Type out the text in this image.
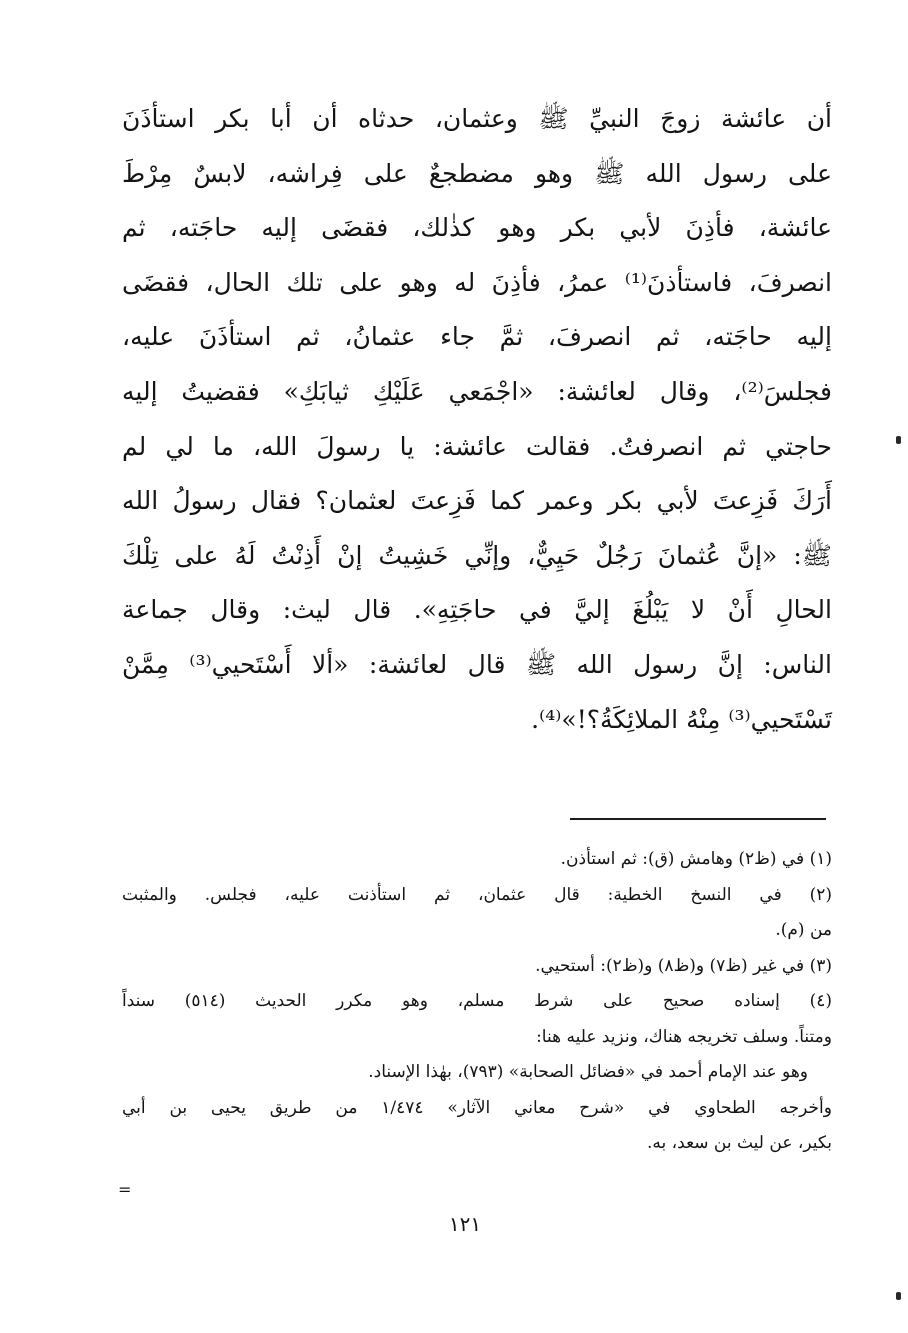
أن عائشة زوجَ النبيِّ ﷺ وعثمان، حدثاه أن أبا بكر استأذَنَ
على رسول الله ﷺ وهو مضطجعٌ على فِراشه، لابسٌ مِرْطَ
عائشة، فأذِنَ لأبي بكر وهو كذٰلك، فقضَى إليه حاجَته، ثم
انصرفَ، فاستأذنَ⁽¹⁾ عمرُ، فأذِنَ له وهو على تلك الحال، فقضَى
إليه حاجَته، ثم انصرفَ، ثمَّ جاء عثمانُ، ثم استأذَنَ عليه،
فجلسَ⁽²⁾، وقال لعائشة: «اجْمَعي عَلَيْكِ ثيابَكِ» فقضيتُ إليه
حاجتي ثم انصرفتُ. فقالت عائشة: يا رسولَ الله، ما لي لم
أَرَكَ فَزِعتَ لأبي بكر وعمر كما فَزِعتَ لعثمان؟ فقال رسولُ الله
ﷺ: «إنَّ عُثمانَ رَجُلٌ حَيِيٌّ، وإنِّي خَشِيتُ إنْ أَذِنْتُ لَهُ على تِلْكَ
الحالِ أَنْ لا يَبْلُغَ إليَّ في حاجَتِهِ». قال ليث: وقال جماعة
الناس: إنَّ رسول الله ﷺ قال لعائشة: «ألا أَسْتَحيي⁽³⁾ مِمَّنْ
تَسْتَحيي⁽³⁾ مِنْهُ الملائِكَةُ؟!»⁽⁴⁾.
(١) في (ظ٢) وهامش (ق): ثم استأذن.
(٢) في النسخ الخطية: قال عثمان، ثم استأذنت عليه، فجلس. والمثبت
من (م).
(٣) في غير (ظ٧) و(ظ٨) و(ظ٢): أستحيي.
(٤) إسناده صحيح على شرط مسلم، وهو مكرر الحديث (٥١٤) سنداً
ومتناً. وسلف تخريجه هناك، ونزيد عليه هنا:
وهو عند الإمام أحمد في «فضائل الصحابة» (٧٩٣)، بهٰذا الإسناد.
وأخرجه الطحاوي في «شرح معاني الآثار» ١/٤٧٤ من طريق يحيى بن أبي
بكير، عن ليث بن سعد، به.
=
١٢١
